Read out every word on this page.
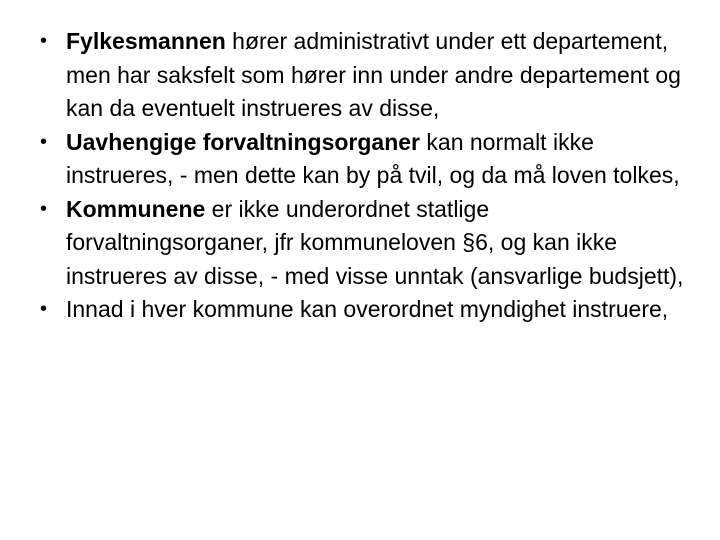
• Fylkesmannen hører administrativt under ett departement, men har saksfelt som hører inn under andre departement og kan da eventuelt instrueres av disse,
• Uavhengige forvaltningsorganer kan normalt ikke instrueres, - men dette kan by på tvil, og da må loven tolkes,
• Kommunene er ikke underordnet statlige forvaltningsorganer, jfr kommuneloven §6, og kan ikke instrueres av disse, - med visse unntak (ansvarlige budsjett),
• Innad i hver kommune kan overordnet myndighet instruere,
